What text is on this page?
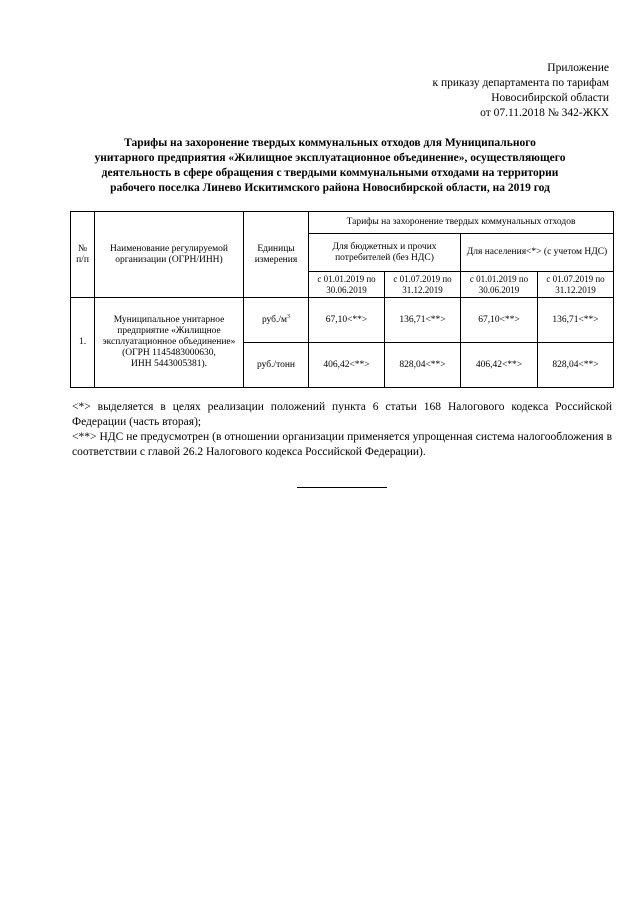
Приложение
к приказу департамента по тарифам
Новосибирской области
от 07.11.2018 № 342-ЖКХ
Тарифы на захоронение твердых коммунальных отходов для Муниципального
унитарного предприятия «Жилищное эксплуатационное объединение», осуществляющего
деятельность в сфере обращения с твердыми коммунальными отходами на территории
рабочего поселка Линево Искитимского района Новосибирской области, на 2019 год
№ п/п	Наименование регулируемой организации (ОГРН/ИНН)	Единицы измерения	Тарифы на захоронение твердых коммунальных отходов			
			Для бюджетных и прочих потребителей (без НДС)		Для населения<*> (с учетом НДС)	
			с 01.01.2019 по 30.06.2019	с 01.07.2019 по 31.12.2019	с 01.01.2019 по 30.06.2019	с 01.07.2019 по 31.12.2019
1.	Муниципальное унитарное предприятие «Жилищное эксплуатационное объединение»
(ОГРН 1145483000630,
ИНН 5443005381).	$руб./м^3$	67,10<**>	136,71<**>	67,10<**>	136,71<**>
		руб./тонн	406,42<**>	828,04<**>	406,42<**>	828,04<**>

<*> выделяется в целях реализации положений пункта 6 статьи 168 Налогового кодекса Российской Федерации (часть вторая);

<**> НДС не предусмотрен (в отношении организации применяется упрощенная система налогообложения в соответствии с главой 26.2 Налогового кодекса Российской Федерации).
